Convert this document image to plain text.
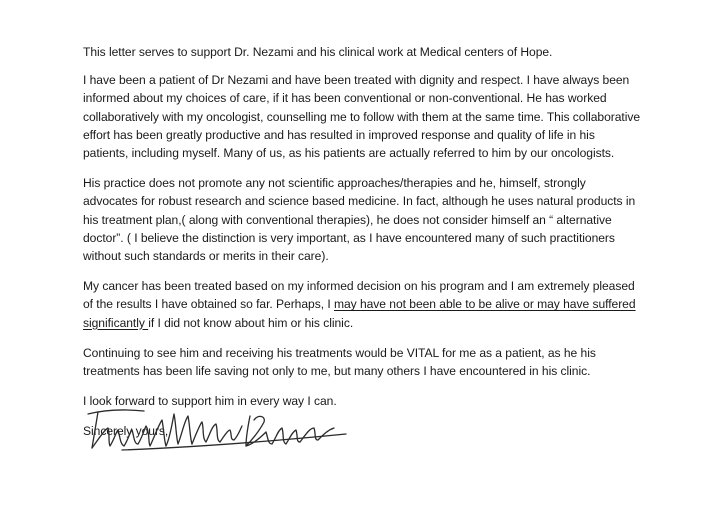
This letter serves to support Dr. Nezami and his clinical work at Medical centers of Hope.

I have been a patient of Dr Nezami and have been treated with dignity and respect. I have always been informed about my choices of care, if it has been conventional or non-conventional. He has worked collaboratively with my oncologist, counselling me to follow with them at the same time. This collaborative effort has been greatly productive and has resulted in improved response and quality of life in his patients, including myself. Many of us, as his patients are actually referred to him by our oncologists.

His practice does not promote any not scientific approaches/therapies and he, himself, strongly advocates for robust research and science based medicine. In fact, although he uses natural products in his treatment plan,( along with conventional therapies), he does not consider himself an “ alternative doctor”. ( I believe the distinction is very important, as I have encountered many of such practitioners without such standards or merits in their care).

My cancer has been treated based on my informed decision on his program and I am extremely pleased of the results I have obtained so far. Perhaps, I may have not been able to be alive or may have suffered significantly if I did not know about him or his clinic.

Continuing to see him and receiving his treatments would be VITAL for me as a patient, as he his treatments has been life saving not only to me, but many others I have encountered in his clinic.

I look forward to support him in every way I can.

Sincerely yours,
